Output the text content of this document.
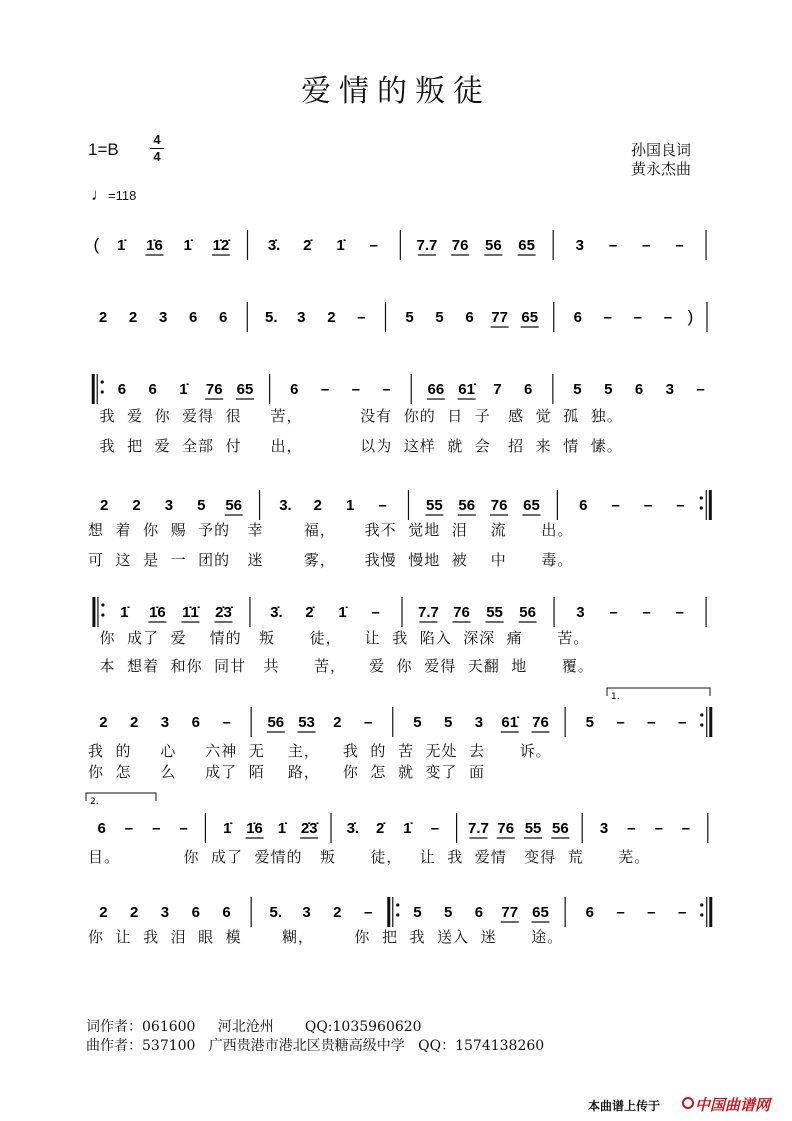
爱情的叛徒
1=B
4
4
♩=118
孙国良词
黄永杰曲
( 1̇ 1̇6 1̇ 1̇2̇	3̇. 2̇ 1̇ –	7.7 76 56 65	3 – – –
2 2 3 6 6	5. 3 2 –	5 5 6 77 65 6 – – – )
6 6 1̇ 76 65 6 – – – 66 61̇ 7 6	5 5 6 3 –
2 2 3 5 56 3. 2 1 –	55 56 76 65	6 – – –
1̇ 1̇6 1̇1̇ 2̇3̇	3̇. 2̇ 1̇ –	7.7 76 55 56	3 – – –
2 2 3 6 – 56 53 2 –	5 5 3 61̇ 76 5 – – –
6 – – – 1̇ 1̇6 1̇ 2̇3̇ 3̇. 2̇ 1̇ – 7.7 76 55 56 3 – – –
2 2 3 6 6	5. 3 2 –	5 5 6 77 65 6 – – –
1.
2.
我  爱  你  爱得  很     苦，          没有  你的  日  子   感  觉  孤  独。
我  把  爱  全部  付     出，          以为  这样  就  会   招  来  情  愫。
想  着  你  赐  予的   幸       福，     我不  觉地  泪    流      出。
可  这  是  一  团的   迷       雾，     我慢  慢地  被    中      毒。
你  成了  爱    情的   叛      徒，    让  我  陷入  深深  痛      苦。
本  想着  和你  同甘   共      苦，    爱  你  爱得  天翻  地      覆。
我  的     心     六神  无    主，    我  的  苦  无处  去      诉。
你  怎     么     成了  陌    路，    你  怎  就  变了  面
目。           你  成了  爱情的   叛      徒，   让  我  爱情   变得  荒      芜。
你  让  我  泪  眼  模       糊，       你  把  我  送入  迷      途。
词作者：061600     河北沧州       QQ:1035960620
曲作者：537100   广西贵港市港北区贵糖高级中学   QQ：1574138260
本曲谱上传于 中国曲谱网
